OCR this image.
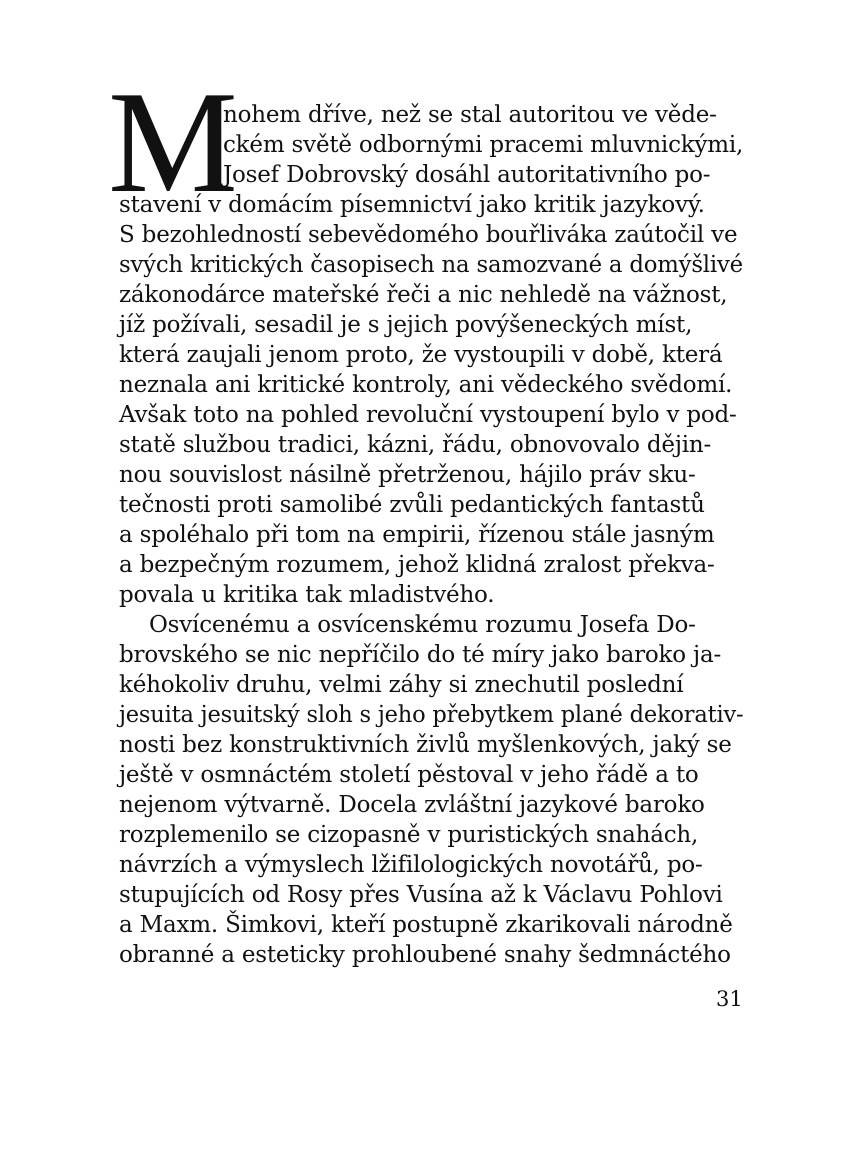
M
nohem dříve, než se stal autoritou ve věde-
ckém světě odbornými pracemi mluvnickými,
Josef Dobrovský dosáhl autoritativního po-
stavení v domácím písemnictví jako kritik jazykový.
S bezohledností sebevědomého bouřliváka zaútočil ve
svých kritických časopisech na samozvané a domýšlivé
zákonodárce mateřské řeči a nic nehledě na vážnost,
jíž požívali, sesadil je s jejich povýšeneckých míst,
která zaujali jenom proto, že vystoupili v době, která
neznala ani kritické kontroly, ani vědeckého svědomí.
Avšak toto na pohled revoluční vystoupení bylo v pod-
statě službou tradici, kázni, řádu, obnovovalo dějin-
nou souvislost násilně přetrženou, hájilo práv sku-
tečnosti proti samolibé zvůli pedantických fantastů
a spoléhalo při tom na empirii, řízenou stále jasným
a bezpečným rozumem, jehož klidná zralost překva-
povala u kritika tak mladistvého.
Osvícenému a osvícenskému rozumu Josefa Do-
brovského se nic nepříčilo do té míry jako baroko ja-
kéhokoliv druhu, velmi záhy si znechutil poslední
jesuita jesuitský sloh s jeho přebytkem plané dekorativ-
nosti bez konstruktivních živlů myšlenkových, jaký se
ještě v osmnáctém století pěstoval v jeho řádě a to
nejenom výtvarně. Docela zvláštní jazykové baroko
rozplemenilo se cizopasně v puristických snahách,
návrzích a výmyslech lžifilologických novotářů, po-
stupujících od Rosy přes Vusína až k Václavu Pohlovi
a Maxm. Šimkovi, kteří postupně zkarikovali národně
obranné a esteticky prohloubené snahy šedmnáctého
31
